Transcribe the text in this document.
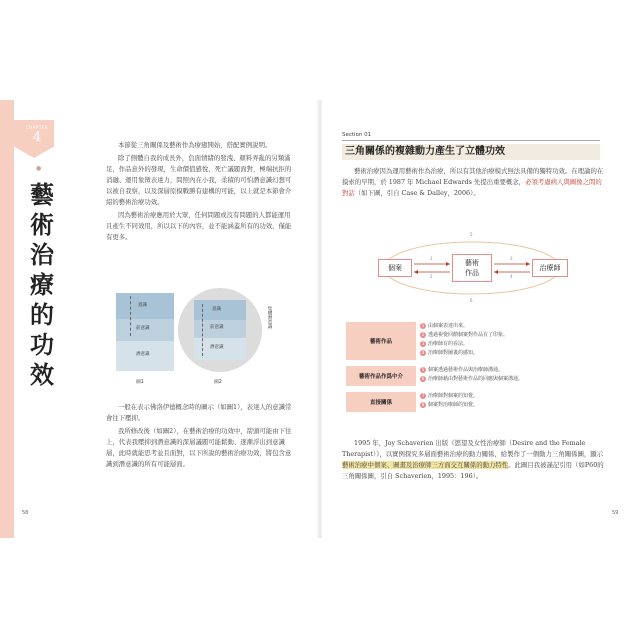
CHAPTER
4
●
藝
術
治
療
的
功
效

本節從三角關係及藝術作為療癒開始，搭配實例說明。

除了側體自我的成長外，負面情緒的發洩、顏料弄亂的另類滿足，作品意外的發現，生命價值感悅、死亡議題面對，極端抗拒的消融、運用象徵表達力，問照內在小我，柔積的可怕潛意識幻想可以被自我察，以及深層原模戰勝有建構的可能，以上就是本節會介紹的藝術治療功效。

因為藝術治療應用於大眾，任何問題或沒有問題的人都能運用且產生不同效用，所以以下的內容，並不能涵蓋所有的功效，僅能有更多。

意識
前意識
潛意識
意識
前意識
潛意識
集體潛意識
圖1	圖2

一般在表示佛洛伊德概念時的圖示（如圖1），表達人的意識常會往下壓抑。

我所修改後（如圖2），在藝術治療的功效中，箭頭可能由下往上，代表我壓抑到潛意識的深層議題可能鬆動、逐漸浮出到意識層，此時就能思考並且面對，以下所說的藝術治療功效，將包含意識到潛意識的所有可能層面。

58
Section 01
三角關係的複雜動力產生了立體功效

藝術治療因為運用藝術作為治療，所以有其他治療模式無法具備的獨特功效。在理論的在摸索的早期，於 1987 年 Michael Edwards 先提出重要概念，必須考慮病人與圖像之間的對話（如下圖，引自 Case & Dalley，2006）。

個案
藝術
作品
治療師
5
1
2
3
4
6
藝術作品
1 由個案表達出來。
2 透過視覺回饋個案對作品有了印象。
3 治療師有的看法。
4 治療師對圖畫的感知。
藝術作品作爲中介
5 個案透過藝術作品與治療師溝通。
6 治療師藉由對藝術作品的回應與個案溝通。
直接關係
7 治療師對個案的知覺。
8 個案對治療師的知覺。

1995 年，Joy Schaverien 出版《慾望及女性治療師（Desire and the Female Therapist）》，以實例探究多層面藝術治療的動力關係，給製作了一個動力三角關係圖，顯示藝術治療中個案、圖畫及治療師三方面交互關係的動力特性。此圖目我被謹記引用（如P60的三角關係圖，引自 Schaverien，1995：196）。

59
